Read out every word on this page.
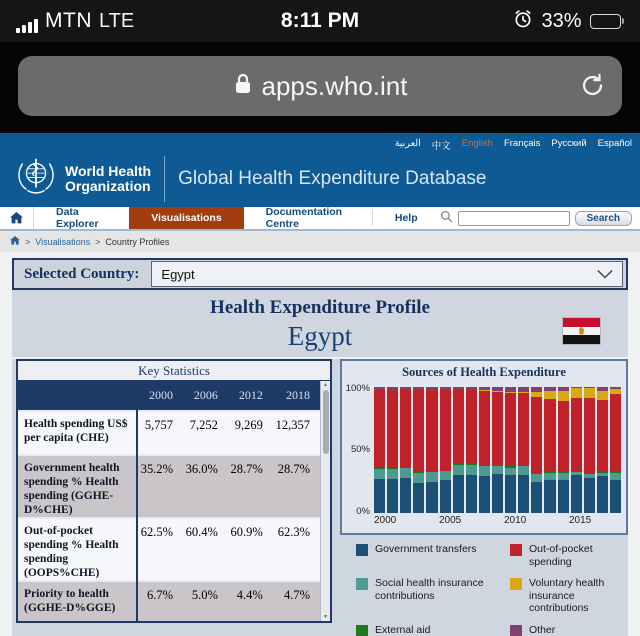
8:11 PM
MTN LTE	33%
apps.who.int
العربية 中文 English Français Русский Español
World Health
Organization Global Health Expenditure Database
Data Explorer	Visualisations	Documentation Centre	Help	Search
> Visualisations > Country Profiles
Selected Country: Egypt
Health Expenditure Profile
Egypt
Key Statistics
	2000	2006	2012	2018
Health spending US$ per capita (CHE)	5,757	7,252	9,269	12,357
Government health spending % Health spending (GGHE-D%CHE)	35.2%	36.0%	28.7%	28.7%
Out-of-pocket spending % Health spending (OOPS%CHE)	62.5%	60.4%	60.9%	62.3%
Priority to health (GGHE-D%GGE)	6.7%	5.0%	4.4%	4.7%
▲
▼
Sources of Health Expenditure
100%
50%
0%
2000	2005	2010	2015
Government transfers	Out-of-pocket spending
Social health insurance contributions
Voluntary health insurance contributions
External aid	Other
